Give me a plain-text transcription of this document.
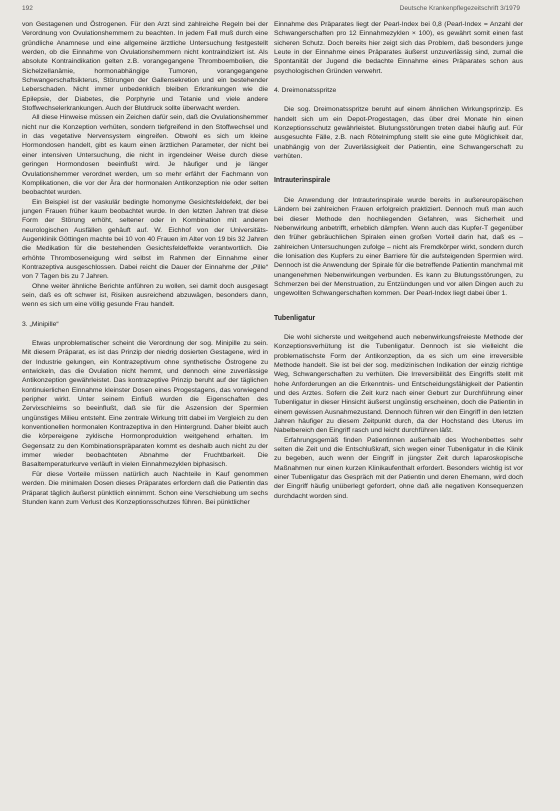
192	Deutsche Krankenpflegezeitschrift 3/1979

von Gestagenen und Östrogenen. Für den Arzt sind zahlreiche Regeln bei der Verordnung von Ovulationshemmern zu beachten. In jedem Fall muß durch eine gründliche Anamnese und eine allgemeine ärztliche Untersuchung festgestellt werden, ob die Einnahme von Ovulationshemmern nicht kontraindiziert ist. Als absolute Kontraindikation gelten z.B. vorangegangene Thromboembolien, die Sichelzellanämie, hormonabhängige Tumoren, vorangegangene Schwangerschaftsikterus, Störungen der Gallensekretion und ein bestehender Leberschaden. Nicht immer unbedenklich bleiben Erkrankungen wie die Epilepsie, der Diabetes, die Porphyrie und Tetanie und viele andere Stoffwechselerkrankungen. Auch der Blutdruck sollte überwacht werden.

All diese Hinweise müssen ein Zeichen dafür sein, daß die Ovulationshemmer nicht nur die Konzeption verhüten, sondern tiefgreifend in den Stoffwechsel und in das vegetative Nervensystem eingreifen. Obwohl es sich um kleine Hormondosen handelt, gibt es kaum einen ärztlichen Parameter, der nicht bei einer intensiven Untersuchung, die nicht in irgendeiner Weise durch diese geringen Hormondosen beeinflußt wird. Je häufiger und je länger Ovulationshemmer verordnet werden, um so mehr erfährt der Fachmann von Komplikationen, die vor der Ära der hormonalen Antikonzeption nie oder selten beobachtet wurden.

Ein Beispiel ist der vaskulär bedingte homonyme Gesichtsfeldefekt, der bei jungen Frauen früher kaum beobachtet wurde. In den letzten Jahren trat diese Form der Störung erhöht, seltener oder in Kombination mit anderen neurologischen Ausfällen gehäuft auf. W. Eichhof von der Universitäts-Augenklinik Göttingen machte bei 10 von 40 Frauen im Alter von 19 bis 32 Jahren die Medikation für die bestehenden Gesichtsfeldeffekte verantwortlich. Die erhöhte Thromboseneigung wird selbst im Rahmen der Einnahme einer Kontrazeptiva ausgeschlossen. Dabei reicht die Dauer der Einnahme der „Pille“ von 7 Tagen bis zu 7 Jahren.

Ohne weiter ähnliche Berichte anführen zu wollen, sei damit doch ausgesagt sein, daß es oft schwer ist, Risiken ausreichend abzuwägen, besonders dann, wenn es sich um eine völlig gesunde Frau handelt.

3. „Minipille“

Etwas unproblematischer scheint die Verordnung der sog. Minipille zu sein. Mit diesem Präparat, es ist das Prinzip der niedrig dosierten Gestagene, wird in der Industrie gelungen, ein Kontrazeptivum ohne synthetische Östrogene zu entwickeln, das die Ovulation nicht hemmt, und dennoch eine zuverlässige Antikonzeption gewährleistet. Das kontrazeptive Prinzip beruht auf der täglichen kontinuierlichen Einnahme kleinster Dosen eines Progestagens, das vorwiegend peripher wirkt. Unter seinem Einfluß wurden die Eigenschaften des Zervixschleims so beeinflußt, daß sie für die Aszension der Spermien ungünstiges Milieu entsteht. Eine zentrale Wirkung tritt dabei im Vergleich zu den konventionellen hormonalen Kontrazeptiva in den Hintergrund. Daher bleibt auch die körpereigene zyklische Hormonproduktion weitgehend erhalten. Im Gegensatz zu den Kombinationspräparaten kommt es deshalb auch nicht zu der immer wieder beobachteten Abnahme der Fruchtbarkeit. Die Basaltemperaturkurve verläuft in vielen Einnahmezyklen biphasisch.

Für diese Vorteile müssen natürlich auch Nachteile in Kauf genommen werden. Die minimalen Dosen dieses Präparates erfordern daß die Patientin das Präparat täglich äußerst pünktlich einnimmt. Schon eine Verschiebung um sechs Stunden kann zum Verlust des Konzeptionsschutzes führen. Bei pünktlicher

Einnahme des Präparates liegt der Pearl-Index bei 0,8 (Pearl-Index = Anzahl der Schwangerschaften pro 12 Einnahmezyklen × 100), es gewährt somit einen fast sicheren Schutz. Doch bereits hier zeigt sich das Problem, daß besonders junge Leute in der Einnahme eines Präparates äußerst unzuverlässig sind, zumal die Spontanität der Jugend die bedachte Einnahme eines Präparates schon aus psychologischen Gründen verwehrt.

4. Dreimonatsspritze

Die sog. Dreimonatsspritze beruht auf einem ähnlichen Wirkungsprinzip. Es handelt sich um ein Depot-Progestagen, das über drei Monate hin einen Konzeptionsschutz gewährleistet. Blutungsstörungen treten dabei häufig auf. Für ausgesuchte Fälle, z.B. nach Rötelnimpfung stellt sie eine gute Möglichkeit dar, unabhängig von der Zuverlässigkeit der Patientin, eine Schwangerschaft zu verhüten.

Intrauterinspirale

Die Anwendung der Intrauterinspirale wurde bereits in außereuropäischen Ländern bei zahlreichen Frauen erfolgreich praktiziert. Dennoch muß man auch bei dieser Methode den hochliegenden Gefahren, was Sicherheit und Nebenwirkung anbetrifft, erheblich dämpfen. Wenn auch das Kupfer-T gegenüber den früher gebräuchlichen Spiralen einen großen Vorteil darin hat, daß es – zahlreichen Untersuchungen zufolge – nicht als Fremdkörper wirkt, sondern durch die Ionisation des Kupfers zu einer Barriere für die aufsteigenden Spermien wird. Dennoch ist die Anwendung der Spirale für die betreffende Patientin manchmal mit unangenehmen Nebenwirkungen verbunden. Es kann zu Blutungsstörungen, zu Schmerzen bei der Menstruation, zu Entzündungen und vor allen Dingen auch zu ungewollten Schwangerschaften kommen. Der Pearl-Index liegt dabei über 1.

Tubenligatur

Die wohl sicherste und weitgehend auch nebenwirkungsfreieste Methode der Konzeptionsverhütung ist die Tubenligatur. Dennoch ist sie vielleicht die problematischste Form der Antikonzeption, da es sich um eine irreversible Methode handelt. Sie ist bei der sog. medizinischen Indikation der einzig richtige Weg, Schwangerschaften zu verhüten. Die Irreversibilität des Eingriffs stellt mit hohe Anforderungen an die Erkenntnis- und Entscheidungsfähigkeit der Patientin und des Arztes. Sofern die Zeit kurz nach einer Geburt zur Durchführung einer Tubenligatur in dieser Hinsicht äußerst ungünstig erscheinen, doch die Patientin in einem gewissen Ausnahmezustand. Dennoch führen wir den Eingriff in den letzten Jahren häufiger zu diesem Zeitpunkt durch, da der Hochstand des Uterus im Nabelbereich den Eingriff rasch und leicht durchführen läßt.

Erfahrungsgemäß finden Patientinnen außerhalb des Wochenbettes sehr selten die Zeit und die Entschlußkraft, sich wegen einer Tubenligatur in die Klinik zu begeben, auch wenn der Eingriff in jüngster Zeit durch laparoskopische Maßnahmen nur einen kurzen Klinikaufenthalt erfordert. Besonders wichtig ist vor einer Tubenligatur das Gespräch mit der Patientin und deren Ehemann, wird doch der Eingriff häufig unüberlegt gefordert, ohne daß alle negativen Konsequenzen durchdacht worden sind.
